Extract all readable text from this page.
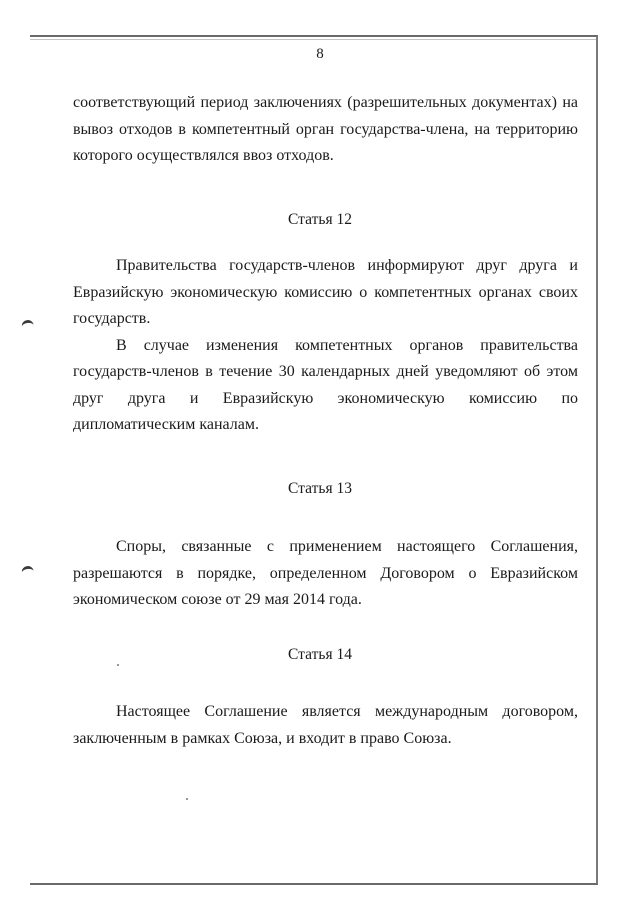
8

соответствующий период заключениях (разрешительных документах) на вывоз отходов в компетентный орган государства-члена, на территорию которого осуществлялся ввоз отходов.

Статья 12

Правительства государств-членов информируют друг друга и Евразийскую экономическую комиссию о компетентных органах своих государств.

В случае изменения компетентных органов правительства государств-членов в течение 30 календарных дней уведомляют об этом друг друга и Евразийскую экономическую комиссию по дипломатическим каналам.

Статья 13

Споры, связанные с применением настоящего Соглашения, разрешаются в порядке, определенном Договором о Евразийском экономическом союзе от 29 мая 2014 года.

Статья 14

Настоящее Соглашение является международным договором, заключенным в рамках Союза, и входит в право Союза.
